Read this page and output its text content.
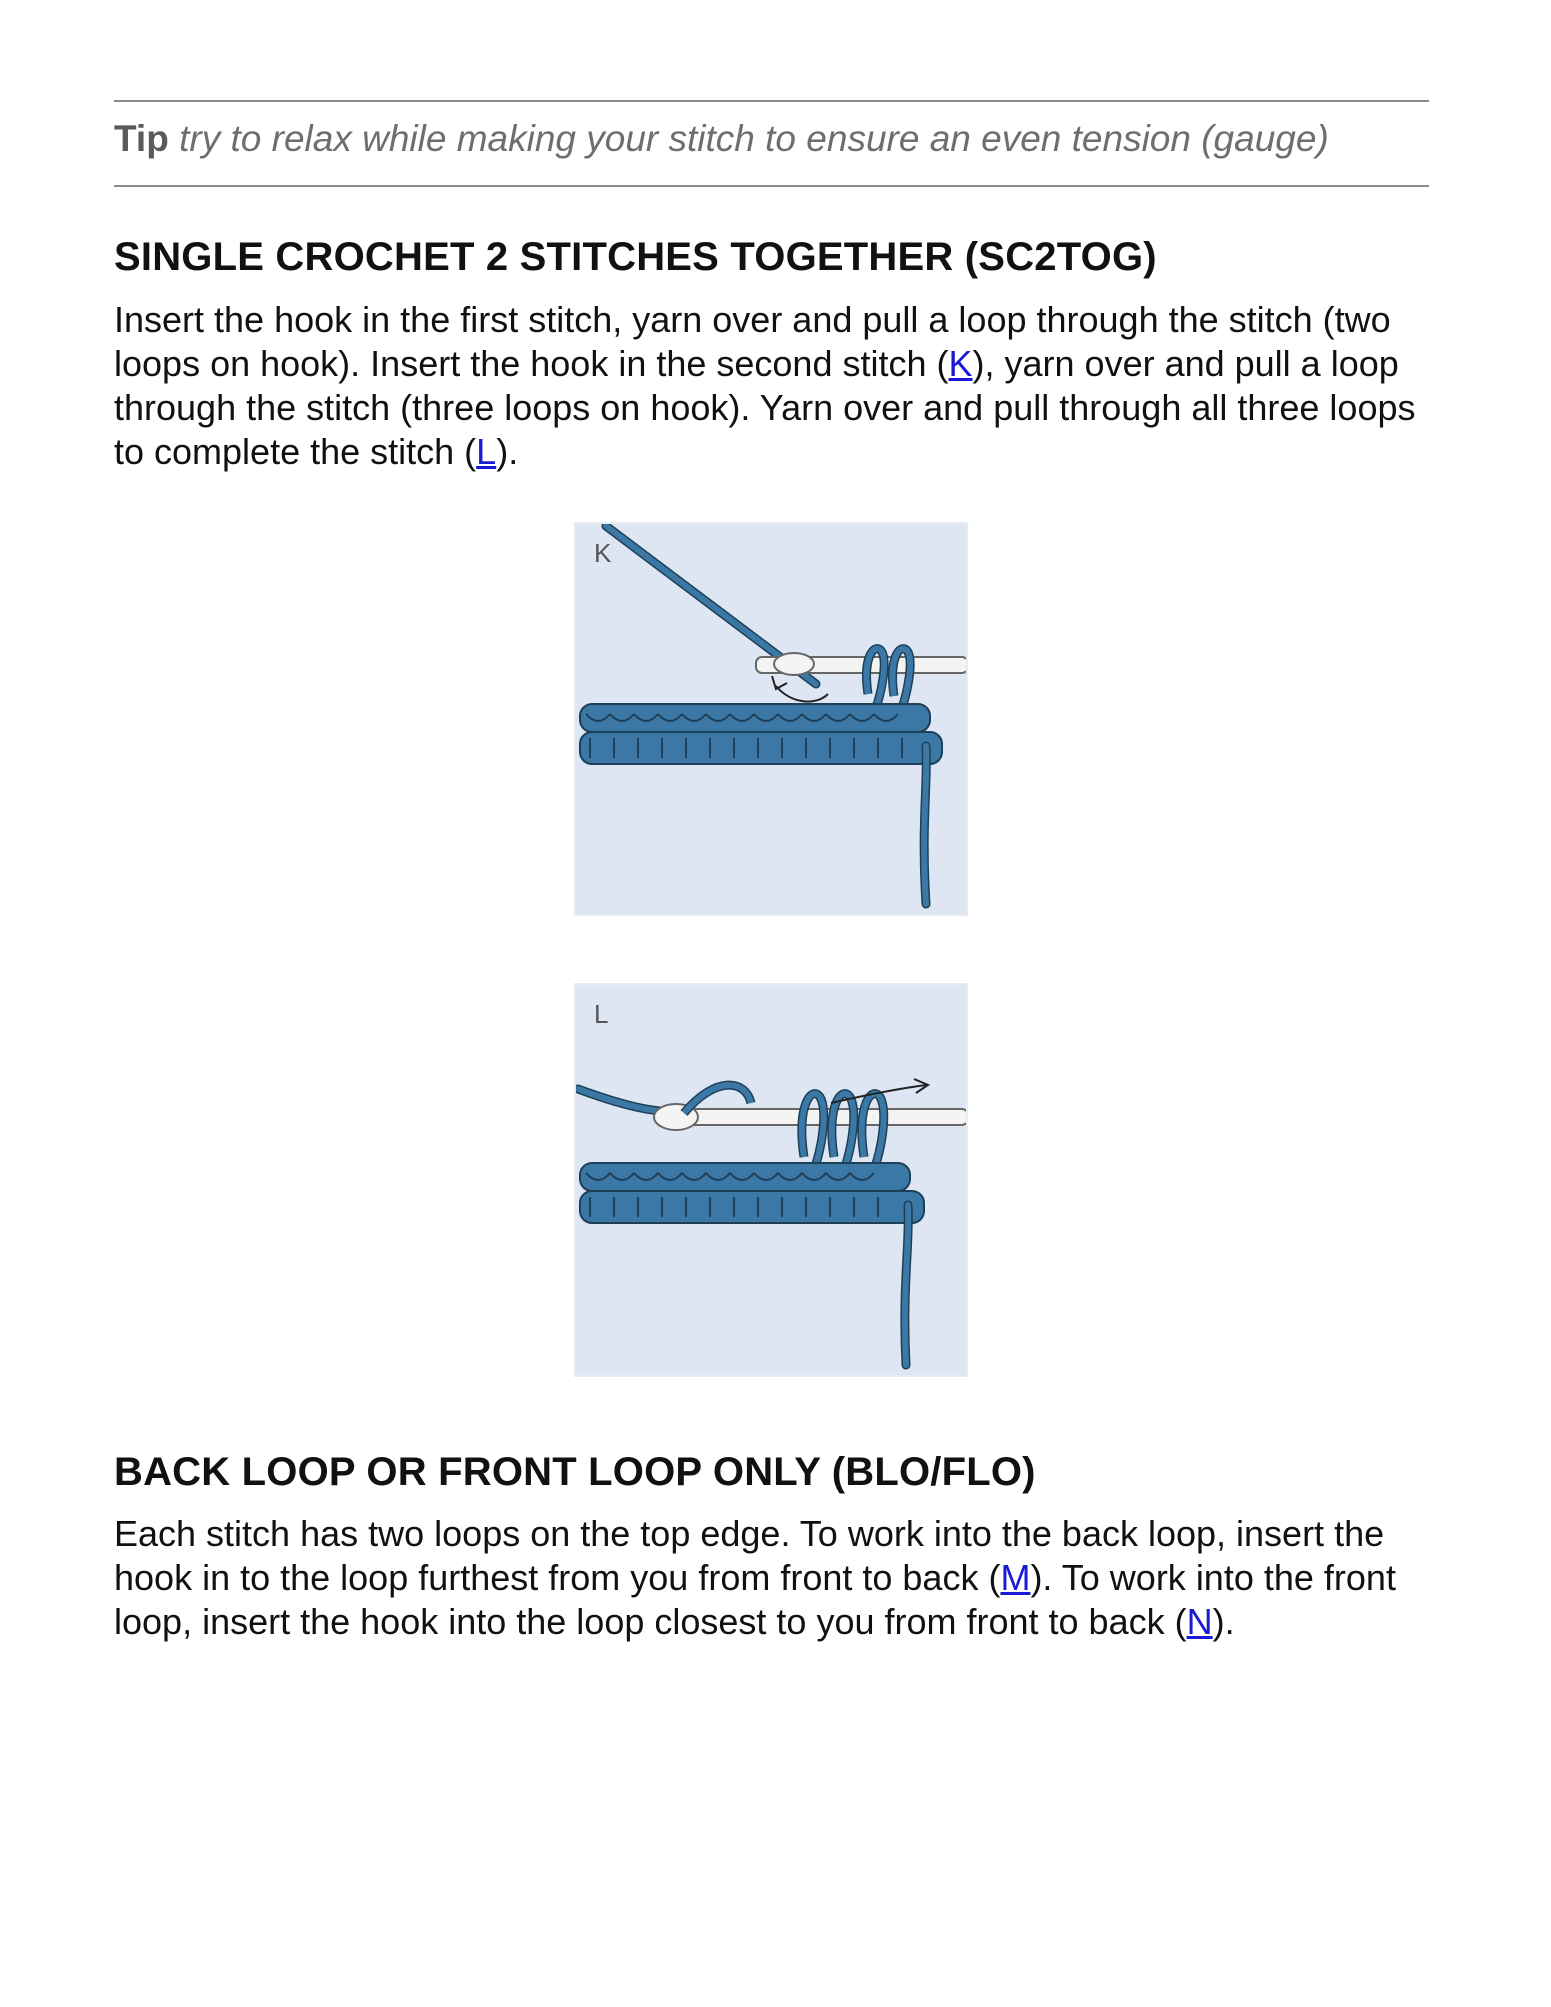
Tip try to relax while making your stitch to ensure an even tension (gauge)
SINGLE CROCHET 2 STITCHES TOGETHER (SC2TOG)

Insert the hook in the first stitch, yarn over and pull a loop through the stitch (two loops on hook). Insert the hook in the second stitch (K), yarn over and pull a loop through the stitch (three loops on hook). Yarn over and pull through all three loops to complete the stitch (L).

K
L
BACK LOOP OR FRONT LOOP ONLY (BLO/FLO)

Each stitch has two loops on the top edge. To work into the back loop, insert the hook in to the loop furthest from you from front to back (M). To work into the front loop, insert the hook into the loop closest to you from front to back (N).
